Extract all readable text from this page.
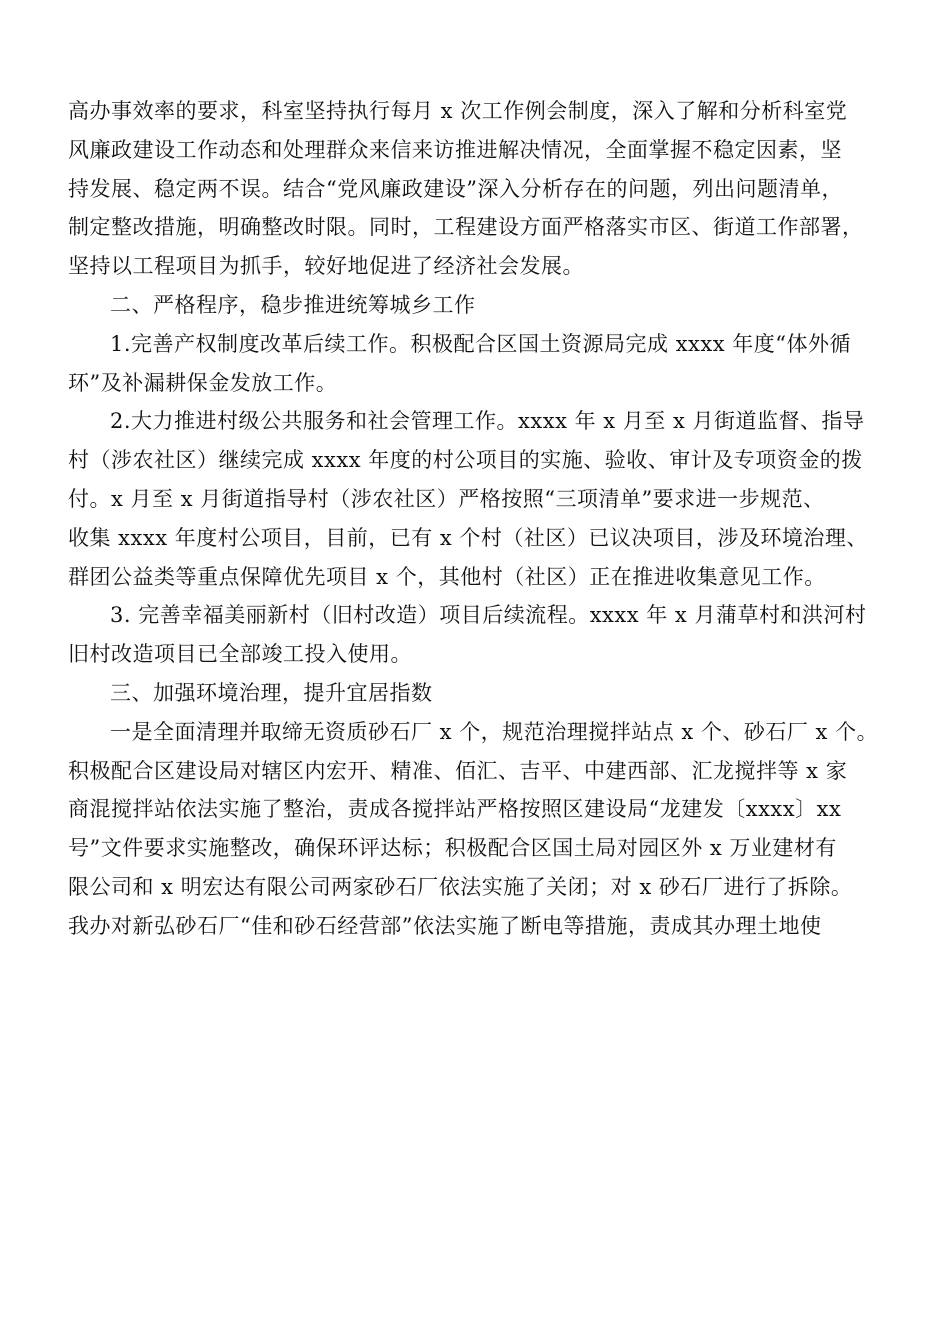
高办事效率的要求，科室坚持执行每月 x 次工作例会制度，深入了解和分析科室党
风廉政建设工作动态和处理群众来信来访推进解决情况，全面掌握不稳定因素，坚
持发展、稳定两不误。结合“党风廉政建设”深入分析存在的问题，列出问题清单，
制定整改措施，明确整改时限。同时，工程建设方面严格落实市区、街道工作部署，
坚持以工程项目为抓手，较好地促进了经济社会发展。
二、严格程序，稳步推进统筹城乡工作
1.完善产权制度改革后续工作。积极配合区国土资源局完成 xxxx 年度“体外循
环”及补漏耕保金发放工作。
2.大力推进村级公共服务和社会管理工作。xxxx 年 x 月至 x 月街道监督、指导
村（涉农社区）继续完成 xxxx 年度的村公项目的实施、验收、审计及专项资金的拨
付。x 月至 x 月街道指导村（涉农社区）严格按照“三项清单”要求进一步规范、
收集 xxxx 年度村公项目，目前，已有 x 个村（社区）已议决项目，涉及环境治理、
群团公益类等重点保障优先项目 x 个，其他村（社区）正在推进收集意见工作。
3. 完善幸福美丽新村（旧村改造）项目后续流程。xxxx 年 x 月蒲草村和洪河村
旧村改造项目已全部竣工投入使用。
三、加强环境治理，提升宜居指数
一是全面清理并取缔无资质砂石厂 x 个，规范治理搅拌站点 x 个、砂石厂 x 个。
积极配合区建设局对辖区内宏开、精准、佰汇、吉平、中建西部、汇龙搅拌等 x 家
商混搅拌站依法实施了整治，责成各搅拌站严格按照区建设局“龙建发〔xxxx〕xx
号”文件要求实施整改，确保环评达标；积极配合区国土局对园区外 x 万业建材有
限公司和 x 明宏达有限公司两家砂石厂依法实施了关闭；对 x 砂石厂进行了拆除。
我办对新弘砂石厂“佳和砂石经营部”依法实施了断电等措施，责成其办理土地使
